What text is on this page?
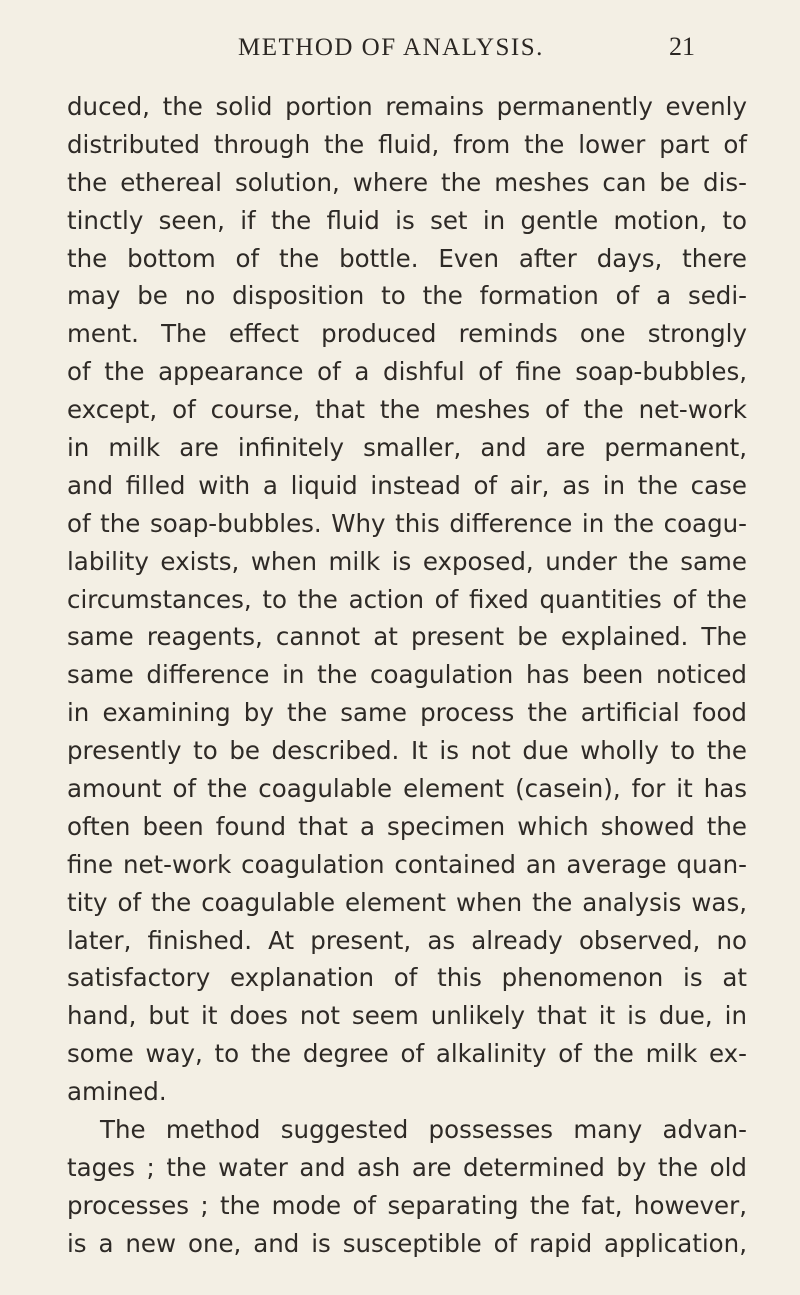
METHOD OF ANALYSIS.	21
duced, the solid portion remains permanently evenly
distributed through the fluid, from the lower part of
the ethereal solution, where the meshes can be dis-
tinctly seen, if the fluid is set in gentle motion, to
the bottom of the bottle. Even after days, there
may be no disposition to the formation of a sedi-
ment. The effect produced reminds one strongly
of the appearance of a dishful of fine soap-bubbles,
except, of course, that the meshes of the net-work
in milk are infinitely smaller, and are permanent,
and filled with a liquid instead of air, as in the case
of the soap-bubbles. Why this difference in the coagu-
lability exists, when milk is exposed, under the same
circumstances, to the action of fixed quantities of the
same reagents, cannot at present be explained. The
same difference in the coagulation has been noticed
in examining by the same process the artificial food
presently to be described. It is not due wholly to the
amount of the coagulable element (casein), for it has
often been found that a specimen which showed the
fine net-work coagulation contained an average quan-
tity of the coagulable element when the analysis was,
later, finished. At present, as already observed, no
satisfactory explanation of this phenomenon is at
hand, but it does not seem unlikely that it is due, in
some way, to the degree of alkalinity of the milk ex-
amined.
The method suggested possesses many advan-
tages ; the water and ash are determined by the old
processes ; the mode of separating the fat, however,
is a new one, and is susceptible of rapid application,
